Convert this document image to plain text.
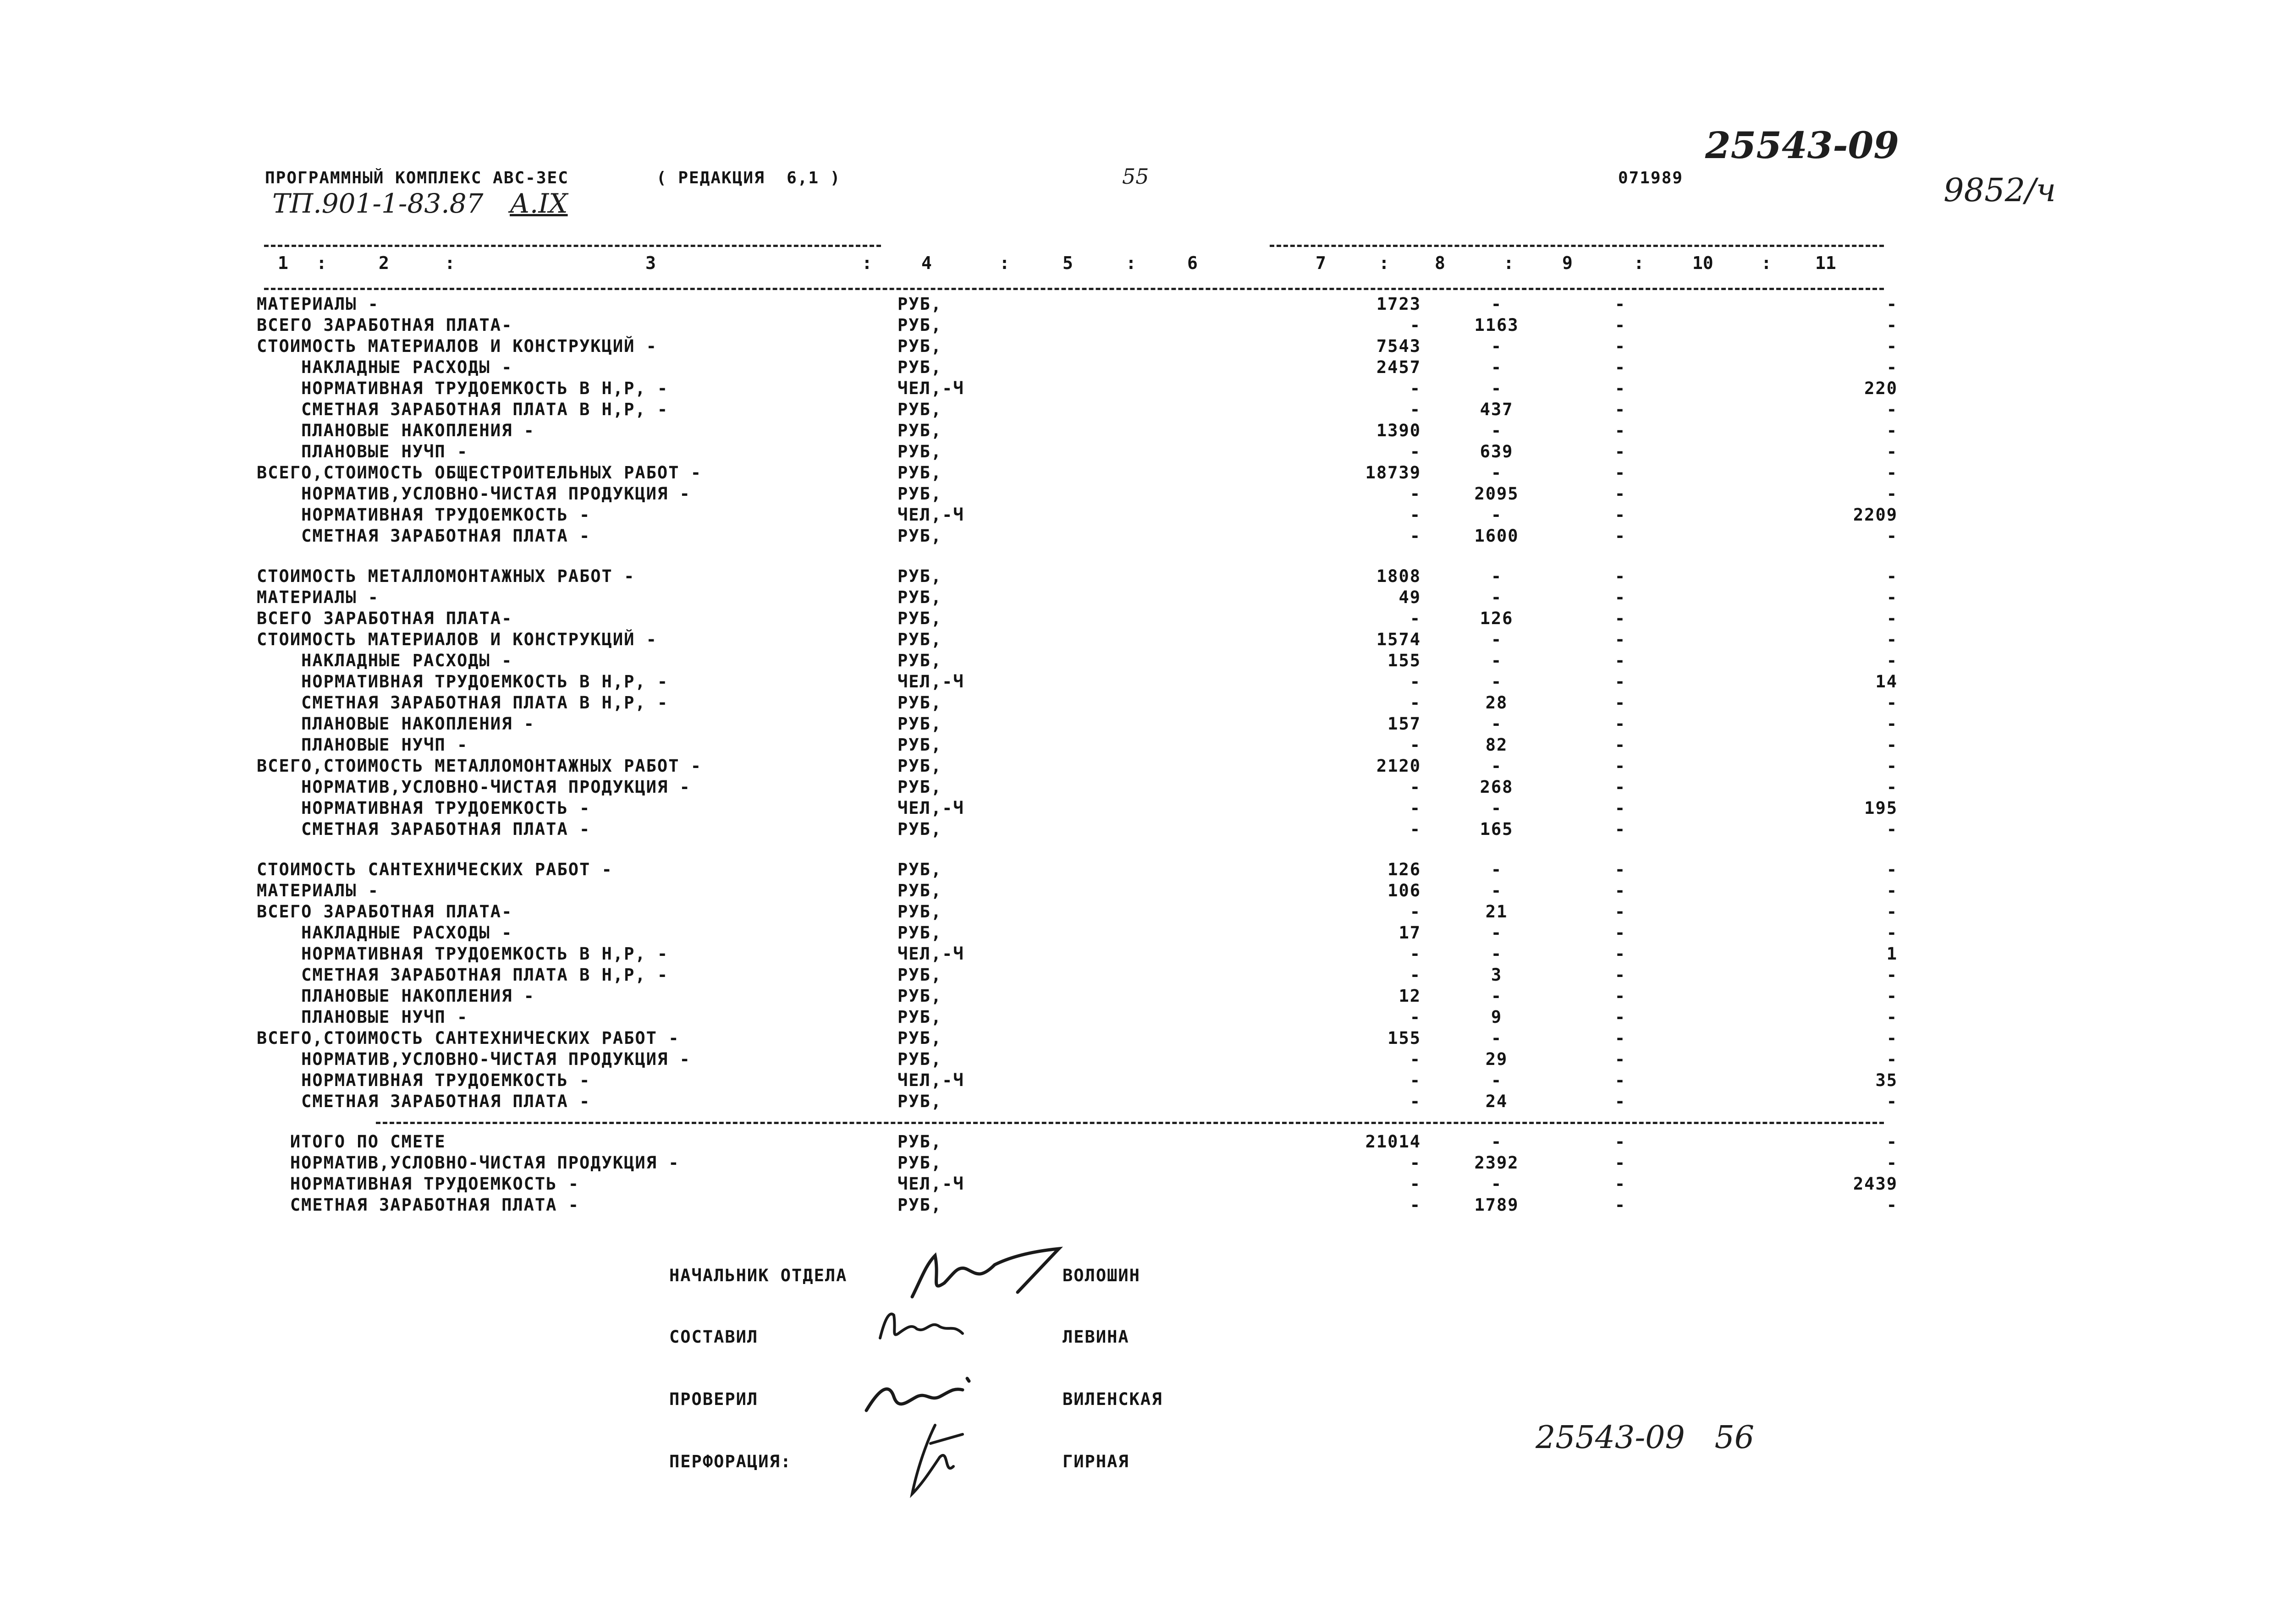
ПРОГРАММНЫЙ КОМПЛЕКС АВС-3ЕС	( РЕДАКЦИЯ  6,1 )	55	071989
25543-09
ТП.901-1-83.87 А.IX	9852/ч
1 :	2	:	3	:	4	:	5	:	6	7	:	8	:	9	:	10	:	11
МАТЕРИАЛЫ -	РУБ,	1723	-	-	-
ВСЕГО ЗАРАБОТНАЯ ПЛАТА-	РУБ,	-	1163	-	-
СТОИМОСТЬ МАТЕРИАЛОВ И КОНСТРУКЦИЙ -	РУБ,	7543	-	-	-
НАКЛАДНЫЕ РАСХОДЫ -	РУБ,	2457	-	-	-
НОРМАТИВНАЯ ТРУДОЕМКОСТЬ В Н,Р, -	ЧЕЛ,-Ч	-	-	-	220
СМЕТНАЯ ЗАРАБОТНАЯ ПЛАТА В Н,Р, -	РУБ,	-	437	-	-
ПЛАНОВЫЕ НАКОПЛЕНИЯ -	РУБ,	1390	-	-	-
ПЛАНОВЫЕ НУЧП -	РУБ,	-	639	-	-
ВСЕГО,СТОИМОСТЬ ОБЩЕСТРОИТЕЛЬНЫХ РАБОТ -	РУБ,	18739	-	-	-
НОРМАТИВ,УСЛОВНО-ЧИСТАЯ ПРОДУКЦИЯ -	РУБ,	-	2095	-	-
НОРМАТИВНАЯ ТРУДОЕМКОСТЬ -	ЧЕЛ,-Ч	-	-	-	2209
СМЕТНАЯ ЗАРАБОТНАЯ ПЛАТА -	РУБ,	-	1600	-	-
СТОИМОСТЬ МЕТАЛЛОМОНТАЖНЫХ РАБОТ -	РУБ,	1808	-	-	-
МАТЕРИАЛЫ -	РУБ,	49	-	-	-
ВСЕГО ЗАРАБОТНАЯ ПЛАТА-	РУБ,	-	126	-	-
СТОИМОСТЬ МАТЕРИАЛОВ И КОНСТРУКЦИЙ -	РУБ,	1574	-	-	-
НАКЛАДНЫЕ РАСХОДЫ -	РУБ,	155	-	-	-
НОРМАТИВНАЯ ТРУДОЕМКОСТЬ В Н,Р, -	ЧЕЛ,-Ч	-	-	-	14
СМЕТНАЯ ЗАРАБОТНАЯ ПЛАТА В Н,Р, -	РУБ,	-	28	-	-
ПЛАНОВЫЕ НАКОПЛЕНИЯ -	РУБ,	157	-	-	-
ПЛАНОВЫЕ НУЧП -	РУБ,	-	82	-	-
ВСЕГО,СТОИМОСТЬ МЕТАЛЛОМОНТАЖНЫХ РАБОТ -	РУБ,	2120	-	-	-
НОРМАТИВ,УСЛОВНО-ЧИСТАЯ ПРОДУКЦИЯ -	РУБ,	-	268	-	-
НОРМАТИВНАЯ ТРУДОЕМКОСТЬ -	ЧЕЛ,-Ч	-	-	-	195
СМЕТНАЯ ЗАРАБОТНАЯ ПЛАТА -	РУБ,	-	165	-	-
СТОИМОСТЬ САНТЕХНИЧЕСКИХ РАБОТ -	РУБ,	126	-	-	-
МАТЕРИАЛЫ -	РУБ,	106	-	-	-
ВСЕГО ЗАРАБОТНАЯ ПЛАТА-	РУБ,	-	21	-	-
НАКЛАДНЫЕ РАСХОДЫ -	РУБ,	17	-	-	-
НОРМАТИВНАЯ ТРУДОЕМКОСТЬ В Н,Р, -	ЧЕЛ,-Ч	-	-	-	1
СМЕТНАЯ ЗАРАБОТНАЯ ПЛАТА В Н,Р, -	РУБ,	-	3	-	-
ПЛАНОВЫЕ НАКОПЛЕНИЯ -	РУБ,	12	-	-	-
ПЛАНОВЫЕ НУЧП -	РУБ,	-	9	-	-
ВСЕГО,СТОИМОСТЬ САНТЕХНИЧЕСКИХ РАБОТ -	РУБ,	155	-	-	-
НОРМАТИВ,УСЛОВНО-ЧИСТАЯ ПРОДУКЦИЯ -	РУБ,	-	29	-	-
НОРМАТИВНАЯ ТРУДОЕМКОСТЬ -	ЧЕЛ,-Ч	-	-	-	35
СМЕТНАЯ ЗАРАБОТНАЯ ПЛАТА -	РУБ,	-	24	-	-
ИТОГО ПО СМЕТЕ	РУБ,	21014	-	-	-
НОРМАТИВ,УСЛОВНО-ЧИСТАЯ ПРОДУКЦИЯ -	РУБ,	-	2392	-	-
НОРМАТИВНАЯ ТРУДОЕМКОСТЬ -	ЧЕЛ,-Ч	-	-	-	2439
СМЕТНАЯ ЗАРАБОТНАЯ ПЛАТА -	РУБ,	-	1789	-	-
НАЧАЛЬНИК ОТДЕЛА	ВОЛОШИН
СОСТАВИЛ	ЛЕВИНА
ПРОВЕРИЛ	ВИЛЕНСКАЯ
ПЕРФОРАЦИЯ:	ГИРНАЯ
25543-09   56
